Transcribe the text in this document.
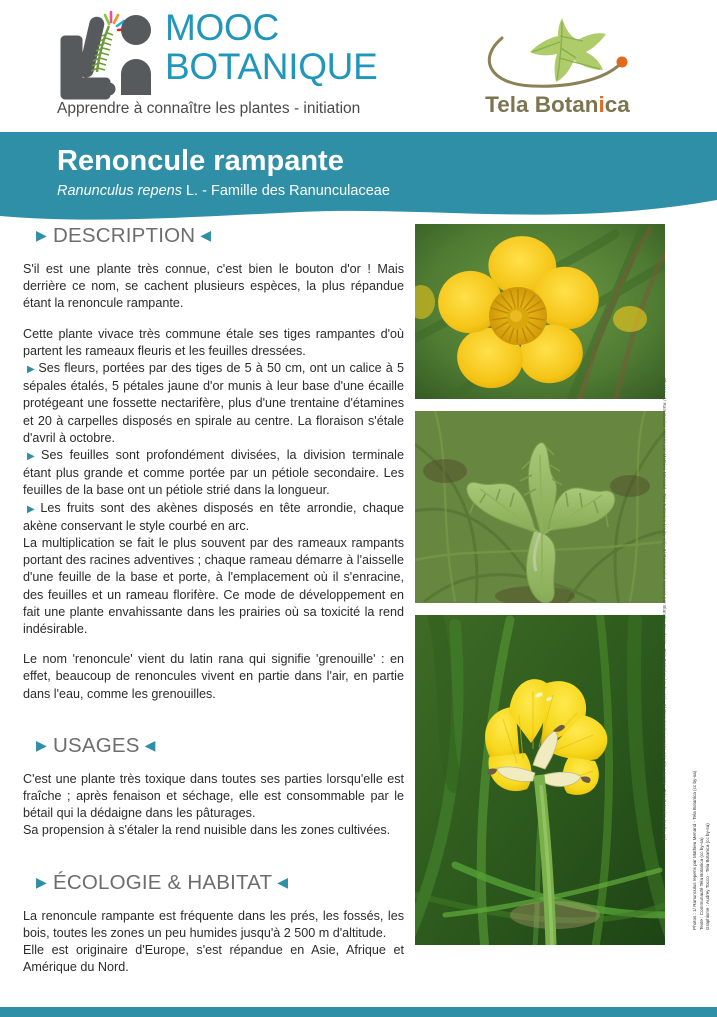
MOOC
BOTANIQUE
Apprendre à connaître les plantes - initiation	Tela Botanica
Renoncule rampante
Ranunculus repens L. - Famille des Ranunculaceae
▶ DESCRIPTION ◀

S'il est une plante très connue, c'est bien le bouton d'or ! Mais derrière ce nom, se cachent plusieurs espèces, la plus répandue étant la renoncule rampante.

Cette plante vivace très commune étale ses tiges rampantes d'où partent les rameaux fleuris et les feuilles dressées.

▶ Ses fleurs, portées par des tiges de 5 à 50 cm, ont un calice à 5 sépales étalés, 5 pétales jaune d'or munis à leur base d'une écaille protégeant une fossette nectarifère, plus d'une trentaine d'étamines et 20 à carpelles disposés en spirale au centre. La floraison s'étale d'avril à octobre.

▶ Ses feuilles sont profondément divisées, la division terminale étant plus grande et comme portée par un pétiole secondaire. Les feuilles de la base ont un pétiole strié dans la longueur.

▶ Les fruits sont des akènes disposés en tête arrondie, chaque akène conservant le style courbé en arc.

La multiplication se fait le plus souvent par des rameaux rampants portant des racines adventives ; chaque rameau démarre à l'aisselle d'une feuille de la base et porte, à l'emplacement où il s'enracine, des feuilles et un rameau florifère. Ce mode de développement en fait une plante envahissante dans les prairies où sa toxicité la rend indésirable.

Le nom 'renoncule' vient du latin rana qui signifie 'grenouille' : en effet, beaucoup de renoncules vivent en partie dans l'air, en partie dans l'eau, comme les grenouilles.

▶ USAGES ◀

C'est une plante très toxique dans toutes ses parties lorsqu'elle est fraîche ; après fenaison et séchage, elle est consommable par le bétail qui la dédaigne dans les pâturages.

Sa propension à s'étaler la rend nuisible dans les zones cultivées.

▶ ÉCOLOGIE & HABITAT ◀

La renoncule rampante est fréquente dans les prés, les fossés, les bois, toutes les zones un peu humides jusqu'à 2 500 m d'altitude.

Elle est originaire d'Europe, s'est répandue en Asie, Afrique et Amérique du Nord.

Photos : 1/ Ranunculus repens par Mathieu Menand - Tela Botanica (cc by-sa) ; 2/ Ranunculus repens par Blanche Baudouin - Tela Botanica (cc by-sa) ; 3/ Ranunculus repens par Jim Launay - Tela Botanica (cc by-sa)
Photos : 1/ Ranunculus repens par Mathieu Menand - Tela Botanica (cc by-sa) Texte : Communauté Tela Botanica (cc by-sa) Graphisme : Audrey Tocco - Tela Botanica (cc by-sa)
